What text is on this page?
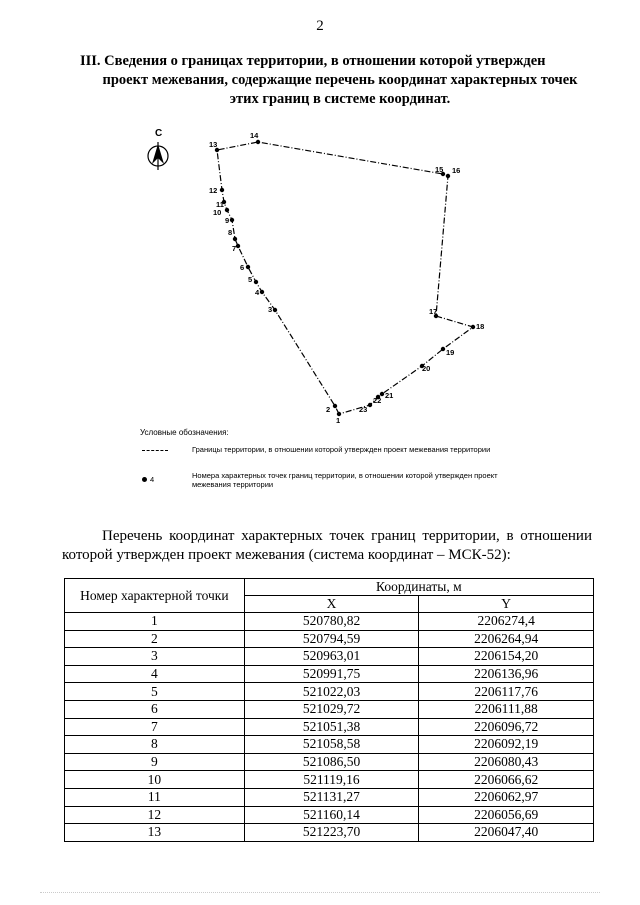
2
III. Сведения о границах территории, в отношении которой утвержден
проект межевания, содержащие перечень координат характерных точек
этих границ в системе координат.
С
1
2
3
4
5
6
7
8
9
10
11
12
13
14
15 16
17
18
19
20
21
22
23
Условные обозначения:
Границы территории, в отношении которой утвержден проект межевания территории
4	Номера характерных точек границ территории, в отношении которой утвержден проект межевания территории

Перечень координат характерных точек границ территории, в отношении
которой утвержден проект межевания (система координат – МСК-52):

Номер характерной точки	Координаты, м	
	X	Y
1	520780,82	2206274,4
2	520794,59	2206264,94
3	520963,01	2206154,20
4	520991,75	2206136,96
5	521022,03	2206117,76
6	521029,72	2206111,88
7	521051,38	2206096,72
8	521058,58	2206092,19
9	521086,50	2206080,43
10	521119,16	2206066,62
11	521131,27	2206062,97
12	521160,14	2206056,69
13	521223,70	2206047,40
